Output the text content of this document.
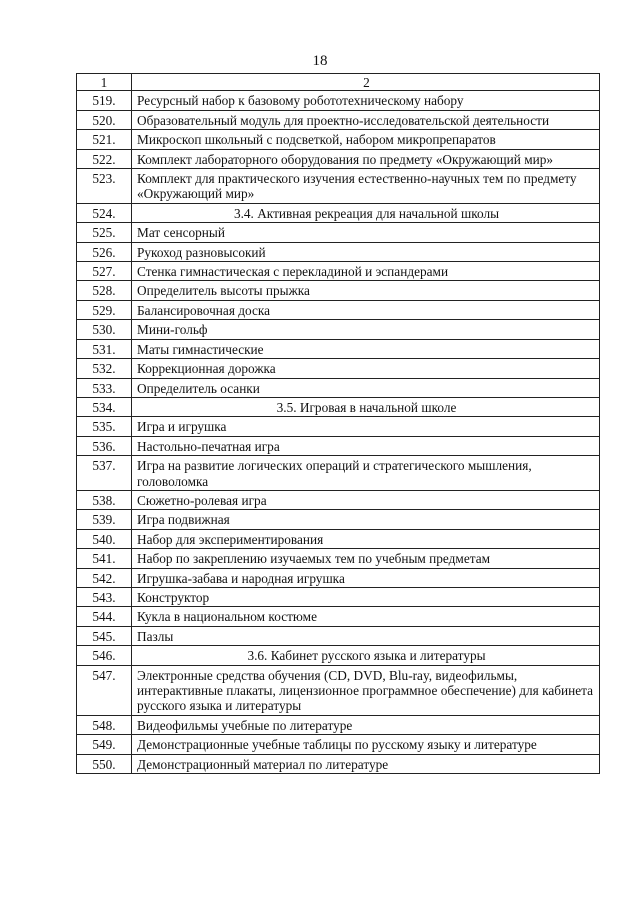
18
1	2
519.	Ресурсный набор к базовому робототехническому набору
520.	Образовательный модуль для проектно-исследовательской деятельности
521.	Микроскоп школьный с подсветкой, набором микропрепаратов
522.	Комплект лабораторного оборудования по предмету «Окружающий мир»
523.	Комплект для практического изучения естественно-научных тем по предмету «Окружающий мир»
524.	3.4. Активная рекреация для начальной школы
525.	Мат сенсорный
526.	Рукоход разновысокий
527.	Стенка гимнастическая с перекладиной и эспандерами
528.	Определитель высоты прыжка
529.	Балансировочная доска
530.	Мини-гольф
531.	Маты гимнастические
532.	Коррекционная дорожка
533.	Определитель осанки
534.	3.5. Игровая в начальной школе
535.	Игра и игрушка
536.	Настольно-печатная игра
537.	Игра на развитие логических операций и стратегического мышления, головоломка
538.	Сюжетно-ролевая игра
539.	Игра подвижная
540.	Набор для экспериментирования
541.	Набор по закреплению изучаемых тем по учебным предметам
542.	Игрушка-забава и народная игрушка
543.	Конструктор
544.	Кукла в национальном костюме
545.	Пазлы
546.	3.6. Кабинет русского языка и литературы
547.	Электронные средства обучения (CD, DVD, Blu-ray, видеофильмы, интерактивные плакаты, лицензионное программное обеспечение) для кабинета русского языка и литературы
548.	Видеофильмы учебные по литературе
549.	Демонстрационные учебные таблицы по русскому языку и литературе
550.	Демонстрационный материал по литературе
